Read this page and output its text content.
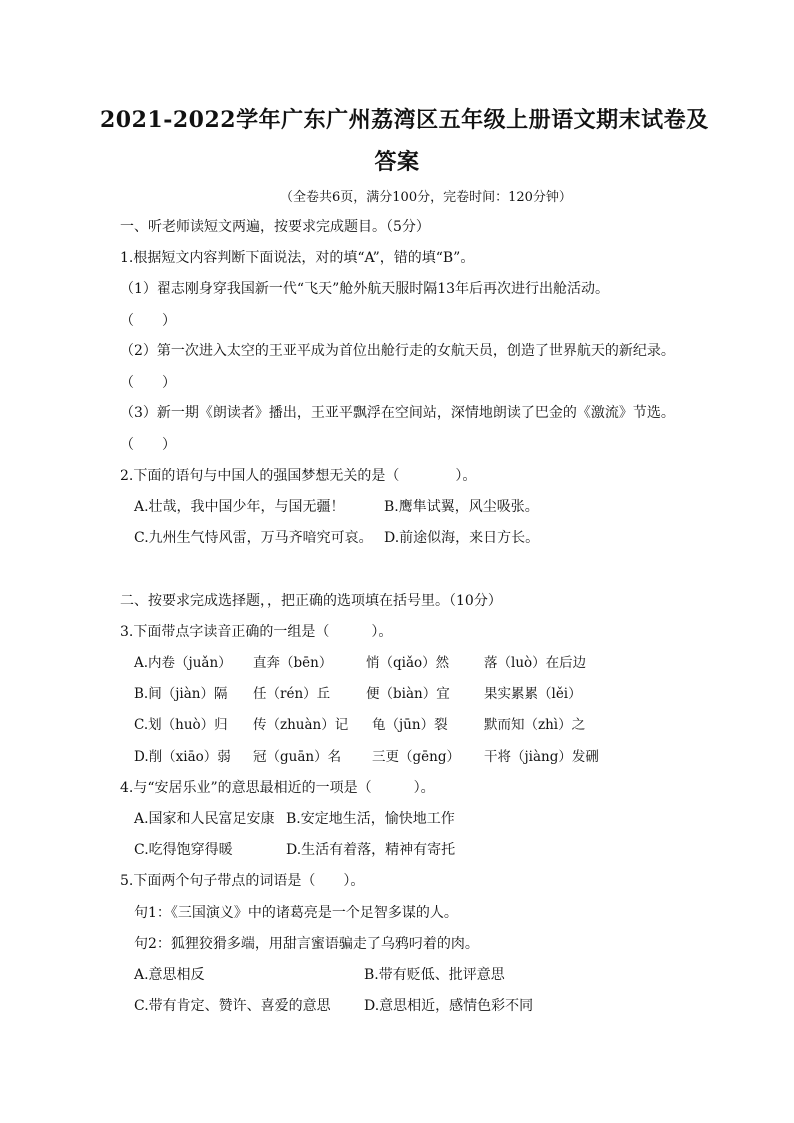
2021-2022学年广东广州荔湾区五年级上册语文期末试卷及
答案
（全卷共6页，满分100分，完卷时间：120分钟）
一、听老师读短文两遍，按要求完成题目。（5分）
1.根据短文内容判断下面说法，对的填“A”，错的填“B”。
（1）翟志刚身穿我国新一代“飞天”舱外航天服时隔13年后再次进行出舱活动。
（　　）
（2）第一次进入太空的王亚平成为首位出舱行走的女航天员，创造了世界航天的新纪录。
（　　）
（3）新一期《朗读者》播出，王亚平飘浮在空间站，深情地朗读了巴金的《激流》节选。
（　　）
2.下面的语句与中国人的强国梦想无关的是（　　　　）。
A.壮哉，我中国少年，与国无疆！	B.鹰隼试翼，风尘吸张。
C.九州生气恃风雷，万马齐喑究可哀。 D.前途似海，来日方长。
二、按要求完成选择题，，把正确的选项填在括号里。（10分）
3.下面带点字读音正确的一组是（　　　）。
A.内卷（juǎn） 直奔（bēn） 悄（qiǎo）然	落（luò）在后边
B.间（jiàn）隔 任（rén）丘	便（biàn）宜	果实累累（lěi）
C.划（huò）归 传（zhuàn）记 龟（jūn）裂	默而知（zhì）之
D.削（xiāo）弱 冠（guān）名 三更（gēng） 干将（jiàng）发硎
4.与“安居乐业”的意思最相近的一项是（　　　）。
A.国家和人民富足安康 B.安定地生活，愉快地工作
C.吃得饱穿得暖	D.生活有着落，精神有寄托
5.下面两个句子带点的词语是（　　）。
句1：《三国演义》中的诸葛亮是一个足智多谋的人。
句2：狐狸狡猾多端，用甜言蜜语骗走了乌鸦叼着的肉。
A.意思相反	B.带有贬低、批评意思
C.带有肯定、赞许、喜爱的意思 D.意思相近，感情色彩不同
